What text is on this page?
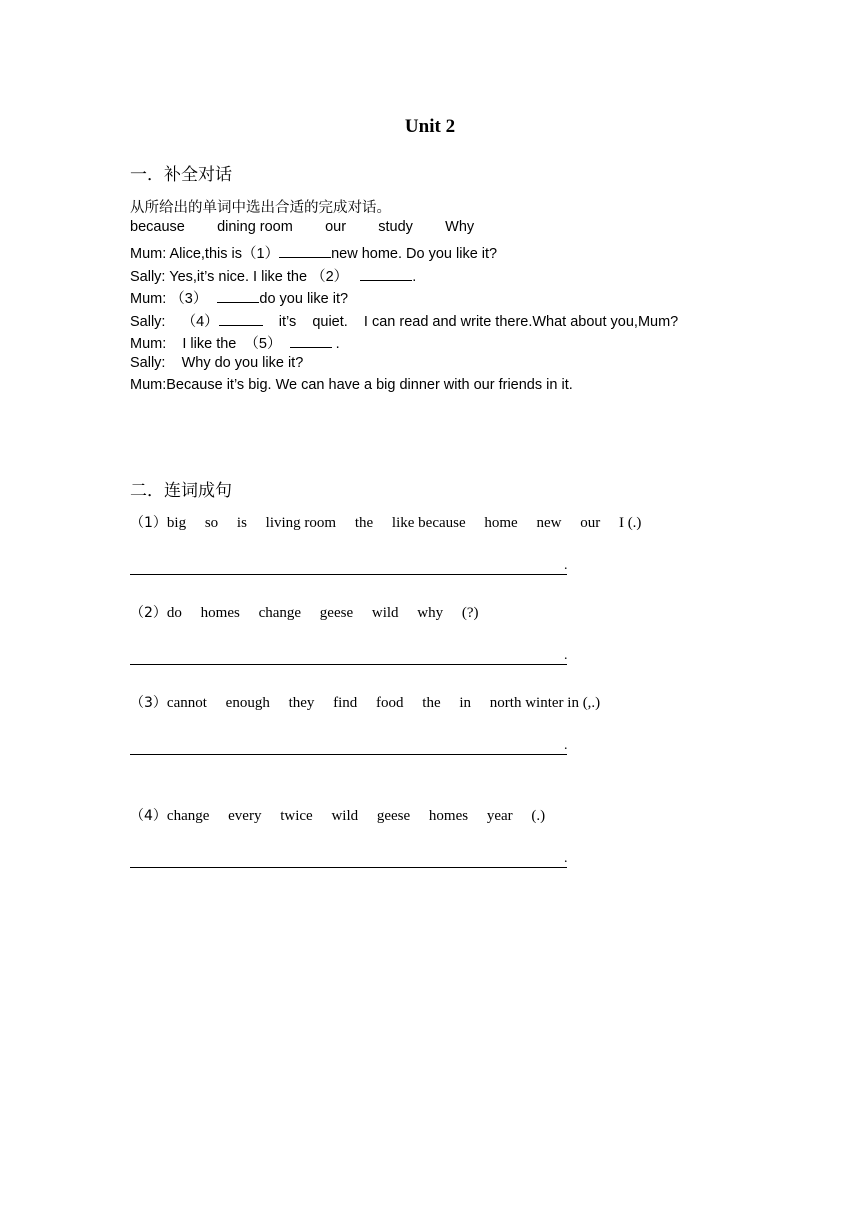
Unit 2
一．补全对话
从所给出的单词中选出合适的完成对话。
because dining room our study Why
Mum: Alice,this is（1）	new home. Do you like it?
Sally: Yes,it’s nice. I like the （2）	.
Mum: （3）	do you like it?
Sally:    （4）	it’s    quiet.    I can read and write there.What about you,Mum?
Mum:    I like the  （5）	.
Sally:    Why do you like it?
Mum:Because it’s big. We can have a big dinner with our friends in it.
二．连词成句
（1）big     so     is     living room     the     like because     home     new     our     I (.)
.
（2）do     homes     change     geese     wild     why     (?)
.
（3）cannot     enough     they     find     food     the     in     north winter in (,.)
.
（4）change     every     twice     wild     geese     homes     year     (.)
.
